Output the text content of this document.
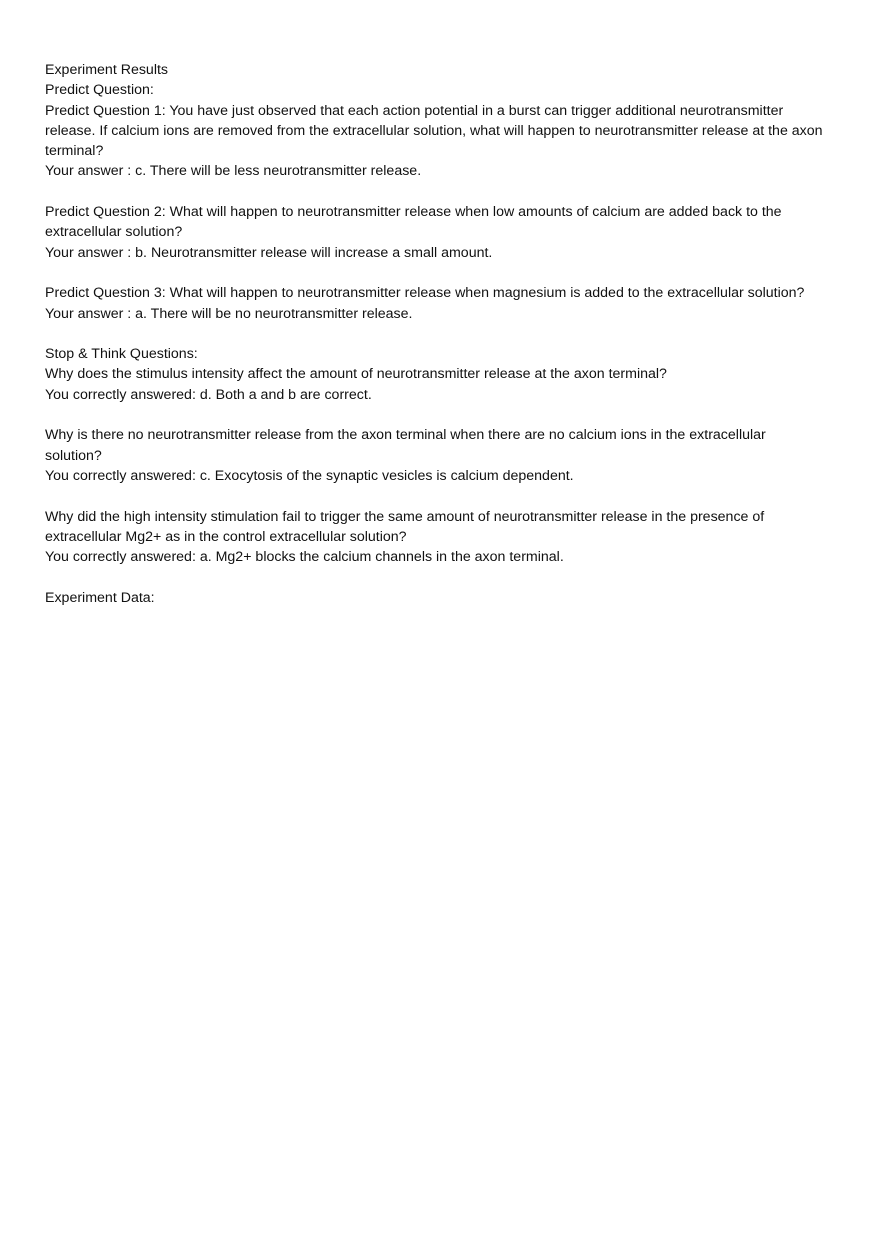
Experiment Results

Predict Question:

Predict Question 1: You have just observed that each action potential in a burst can trigger additional neurotransmitter release. If calcium ions are removed from the extracellular solution, what will happen to neurotransmitter release at the axon terminal?

Your answer : c. There will be less neurotransmitter release.

Predict Question 2: What will happen to neurotransmitter release when low amounts of calcium are added back to the extracellular solution?

Your answer : b. Neurotransmitter release will increase a small amount.

Predict Question 3: What will happen to neurotransmitter release when magnesium is added to the extracellular solution?

Your answer : a. There will be no neurotransmitter release.

Stop & Think Questions:

Why does the stimulus intensity affect the amount of neurotransmitter release at the axon terminal?

You correctly answered: d. Both a and b are correct.

Why is there no neurotransmitter release from the axon terminal when there are no calcium ions in the extracellular solution?

You correctly answered: c. Exocytosis of the synaptic vesicles is calcium dependent.

Why did the high intensity stimulation fail to trigger the same amount of neurotransmitter release in the presence of extracellular Mg2+ as in the control extracellular solution?

You correctly answered: a. Mg2+ blocks the calcium channels in the axon terminal.

Experiment Data:
